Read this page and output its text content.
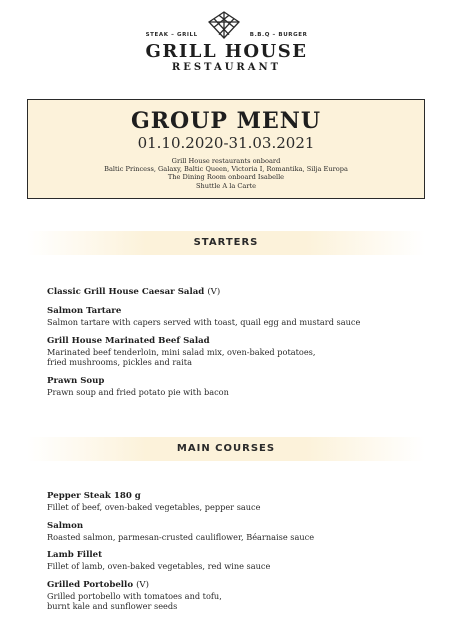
STEAK – GRILL	B.B.Q – BURGER
GRILL HOUSE
RESTAURANT
GROUP MENU
01.10.2020-31.03.2021
Grill House restaurants onboard
Baltic Princess, Galaxy, Baltic Queen, Victoria I, Romantika, Silja Europa
The Dining Room onboard Isabelle
Shuttle A la Carte
STARTERS
Classic Grill House Caesar Salad (V)
Salmon Tartare
Salmon tartare with capers served with toast, quail egg and mustard sauce
Grill House Marinated Beef Salad
Marinated beef tenderloin, mini salad mix, oven-baked potatoes,
fried mushrooms, pickles and raita
Prawn Soup
Prawn soup and fried potato pie with bacon
MAIN COURSES
Pepper Steak 180 g
Fillet of beef, oven-baked vegetables, pepper sauce
Salmon
Roasted salmon, parmesan-crusted cauliflower, Béarnaise sauce
Lamb Fillet
Fillet of lamb, oven-baked vegetables, red wine sauce
Grilled Portobello (V)
Grilled portobello with tomatoes and tofu,
burnt kale and sunflower seeds
